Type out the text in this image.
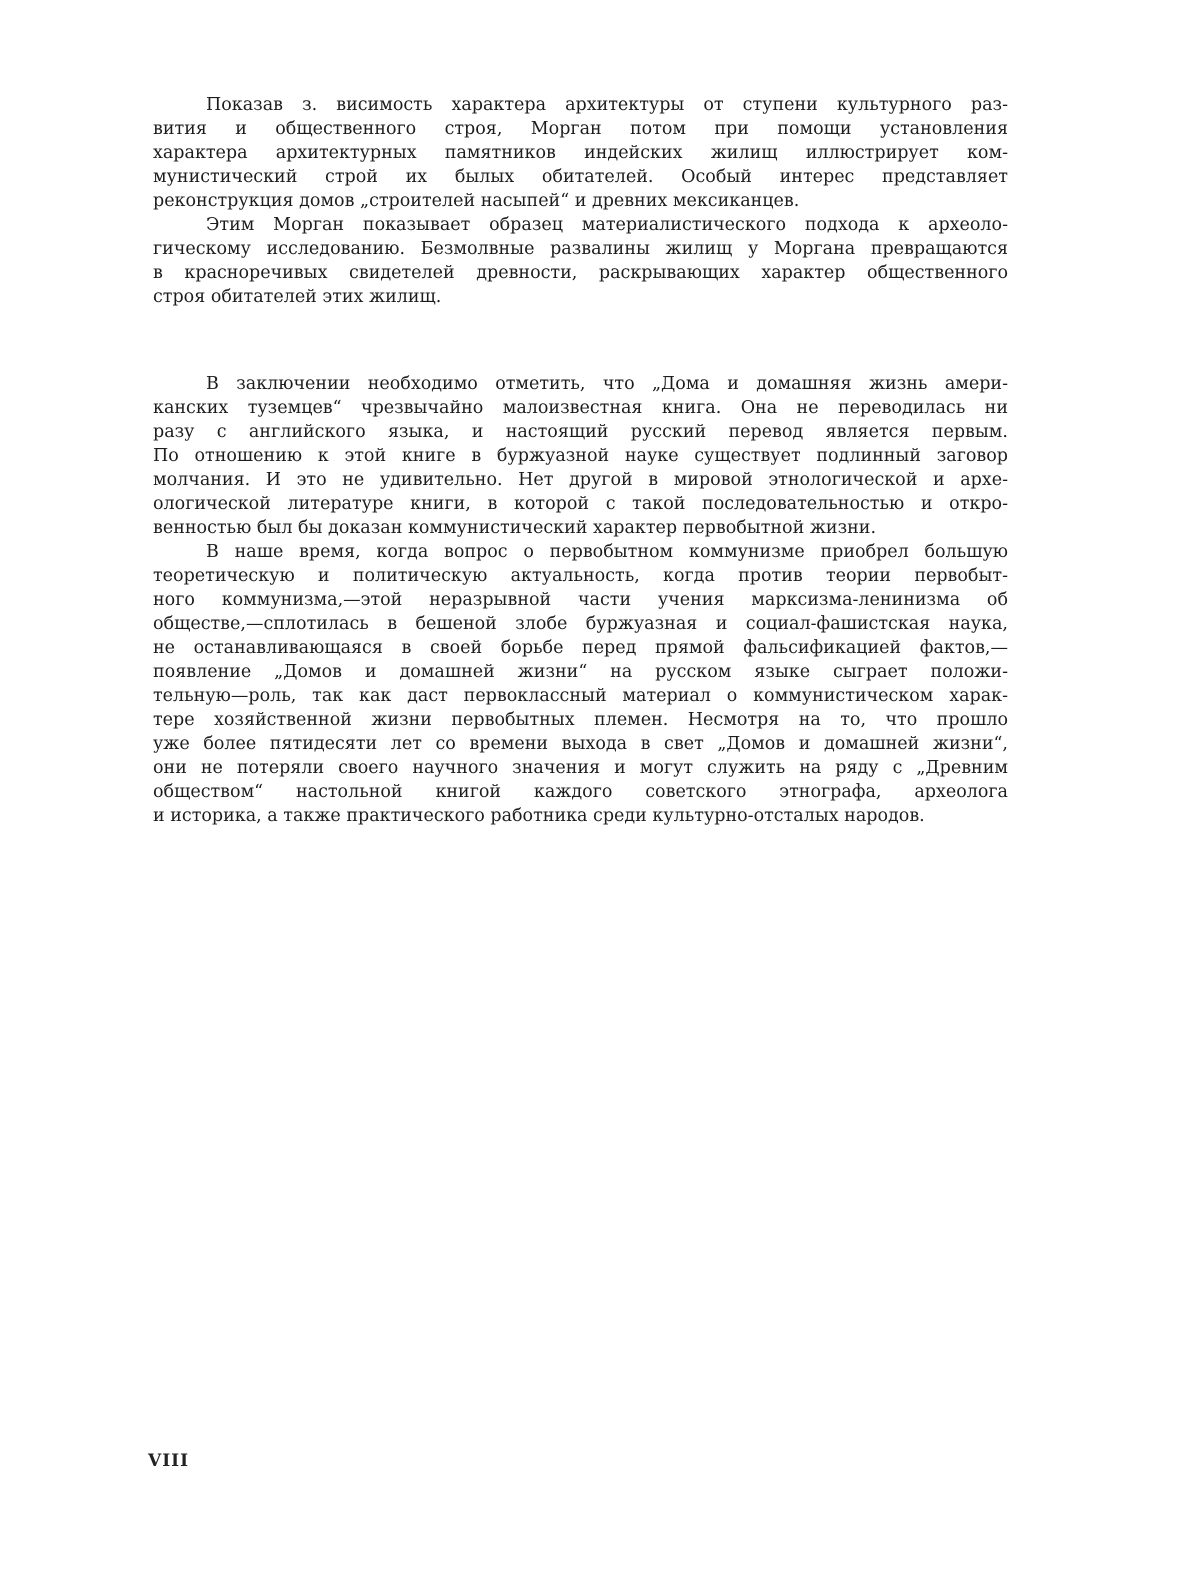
Показав з. висимость характера архитектуры от ступени культурного раз-
вития и общественного строя, Морган потом при помощи установления
характера архитектурных памятников индейских жилищ иллюстрирует ком-
мунистический строй их былых обитателей. Особый интерес представляет
реконструкция домов „строителей насыпей“ и древних мексиканцев.
Этим Морган показывает образец материалистического подхода к археоло-
гическому исследованию. Безмолвные развалины жилищ у Моргана превращаются
в красноречивых свидетелей древности, раскрывающих характер общественного
строя обитателей этих жилищ.
В заключении необходимо отметить, что „Дома и домашняя жизнь амери-
канских туземцев“ чрезвычайно малоизвестная книга. Она не переводилась ни
разу с английского языка, и настоящий русский перевод является первым.
По отношению к этой книге в буржуазной науке существует подлинный заговор
молчания. И это не удивительно. Нет другой в мировой этнологической и архе-
ологической литературе книги, в которой с такой последовательностью и откро-
венностью был бы доказан коммунистический характер первобытной жизни.
В наше время, когда вопрос о первобытном коммунизме приобрел большую
теоретическую и политическую актуальность, когда против теории первобыт-
ного коммунизма,—этой неразрывной части учения марксизма-ленинизма об
обществе,—сплотилась в бешеной злобе буржуазная и социал-фашистская наука,
не останавливающаяся в своей борьбе перед прямой фальсификацией фактов,—
появление „Домов и домашней жизни“ на русском языке сыграет положи-
тельную—роль, так как даст первоклассный материал о коммунистическом харак-
тере хозяйственной жизни первобытных племен. Несмотря на то, что прошло
уже более пятидесяти лет со времени выхода в свет „Домов и домашней жизни“,
они не потеряли своего научного значения и могут служить на ряду с „Древним
обществом“ настольной книгой каждого советского этнографа, археолога
и историка, а также практического работника среди культурно-отсталых народов.
VIII
